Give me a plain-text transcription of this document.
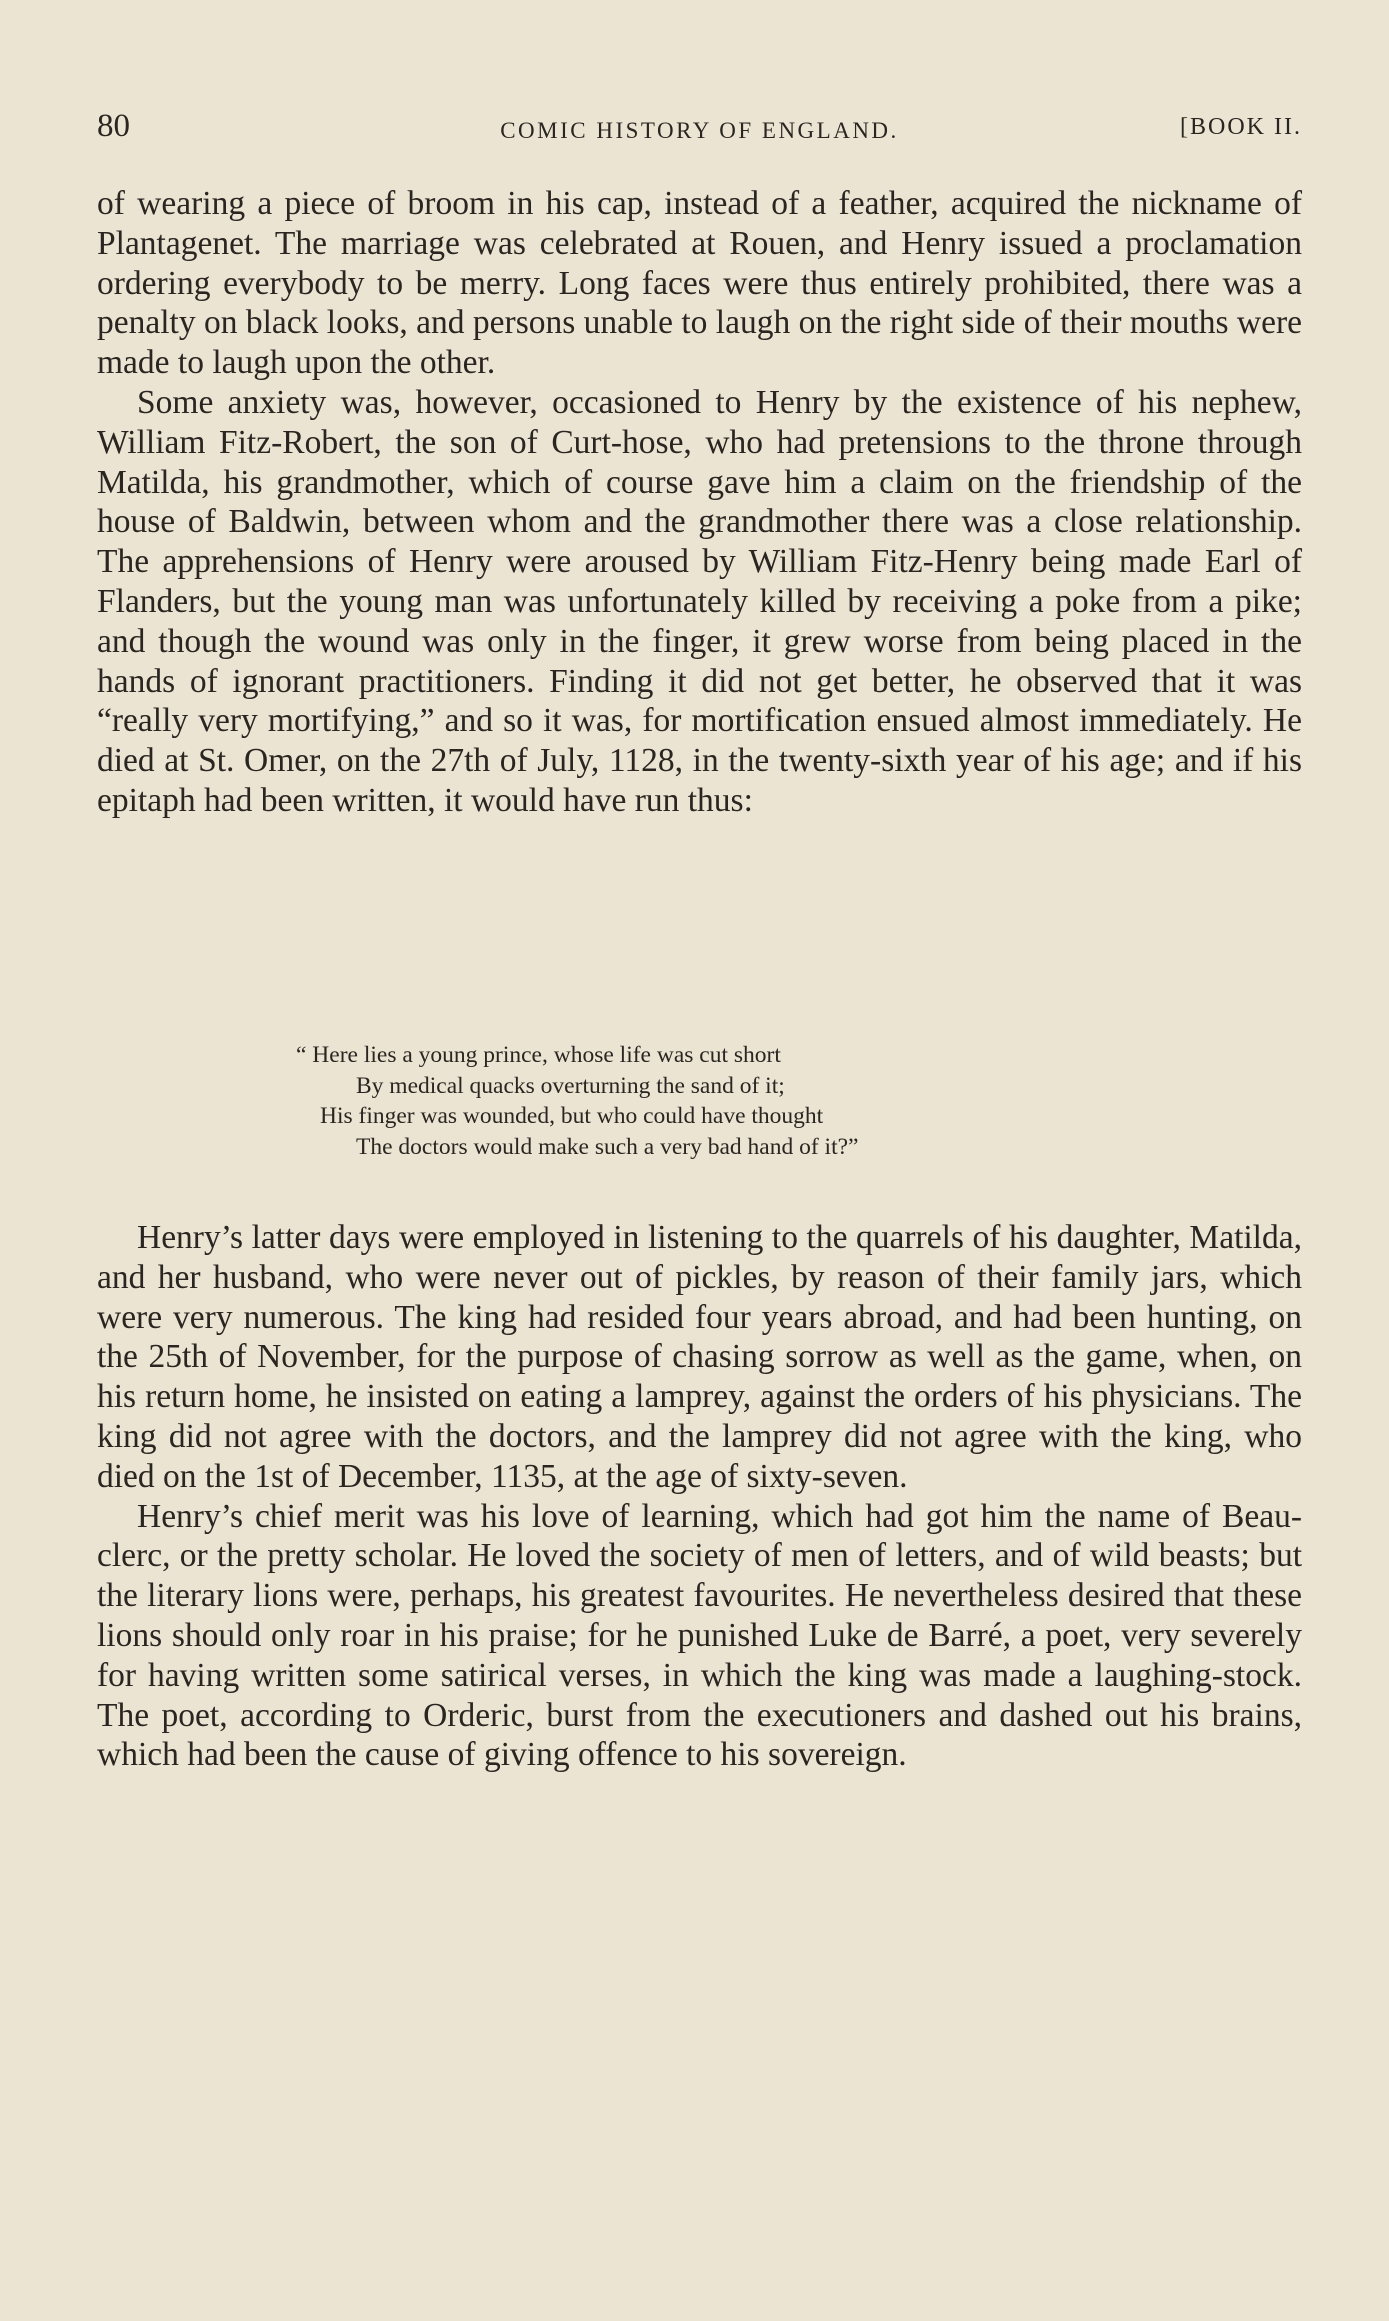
80	COMIC HISTORY OF ENGLAND.	[BOOK II.

of wearing a piece of broom in his cap, instead of a feather, acquired the nickname of Plantagenet. The marriage was celebrated at Rouen, and Henry issued a proclamation ordering everybody to be merry. Long faces were thus entirely prohibited, there was a penalty on black looks, and persons unable to laugh on the right side of their mouths were made to laugh upon the other.

Some anxiety was, however, occasioned to Henry by the existence of his nephew, William Fitz-Robert, the son of Curt-hose, who had pretensions to the throne through Matilda, his grandmother, which of course gave him a claim on the friendship of the house of Baldwin, between whom and the grandmother there was a close relationship. The apprehensions of Henry were aroused by William Fitz-Henry being made Earl of Flanders, but the young man was unfortunately killed by receiving a poke from a pike; and though the wound was only in the finger, it grew worse from being placed in the hands of ignorant practitioners. Finding it did not get better, he observed that it was “really very mortifying,” and so it was, for mortification ensued almost immediately. He died at St. Omer, on the 27th of July, 1128, in the twenty-sixth year of his age; and if his epitaph had been written, it would have run thus:

“ Here lies a young prince, whose life was cut short
By medical quacks overturning the sand of it;
His finger was wounded, but who could have thought
The doctors would make such a very bad hand of it?”

Henry’s latter days were employed in listening to the quarrels of his daughter, Matilda, and her husband, who were never out of pickles, by reason of their family jars, which were very numerous. The king had resided four years abroad, and had been hunting, on the 25th of November, for the purpose of chasing sorrow as well as the game, when, on his return home, he insisted on eating a lamprey, against the orders of his physicians. The king did not agree with the doctors, and the lamprey did not agree with the king, who died on the 1st of December, 1135, at the age of sixty-seven.

Henry’s chief merit was his love of learning, which had got him the name of Beau-clerc, or the pretty scholar. He loved the society of men of letters, and of wild beasts; but the literary lions were, perhaps, his greatest favourites. He nevertheless desired that these lions should only roar in his praise; for he punished Luke de Barré, a poet, very severely for having written some satirical verses, in which the king was made a laughing-stock. The poet, according to Orderic, burst from the executioners and dashed out his brains, which had been the cause of giving offence to his sovereign.
